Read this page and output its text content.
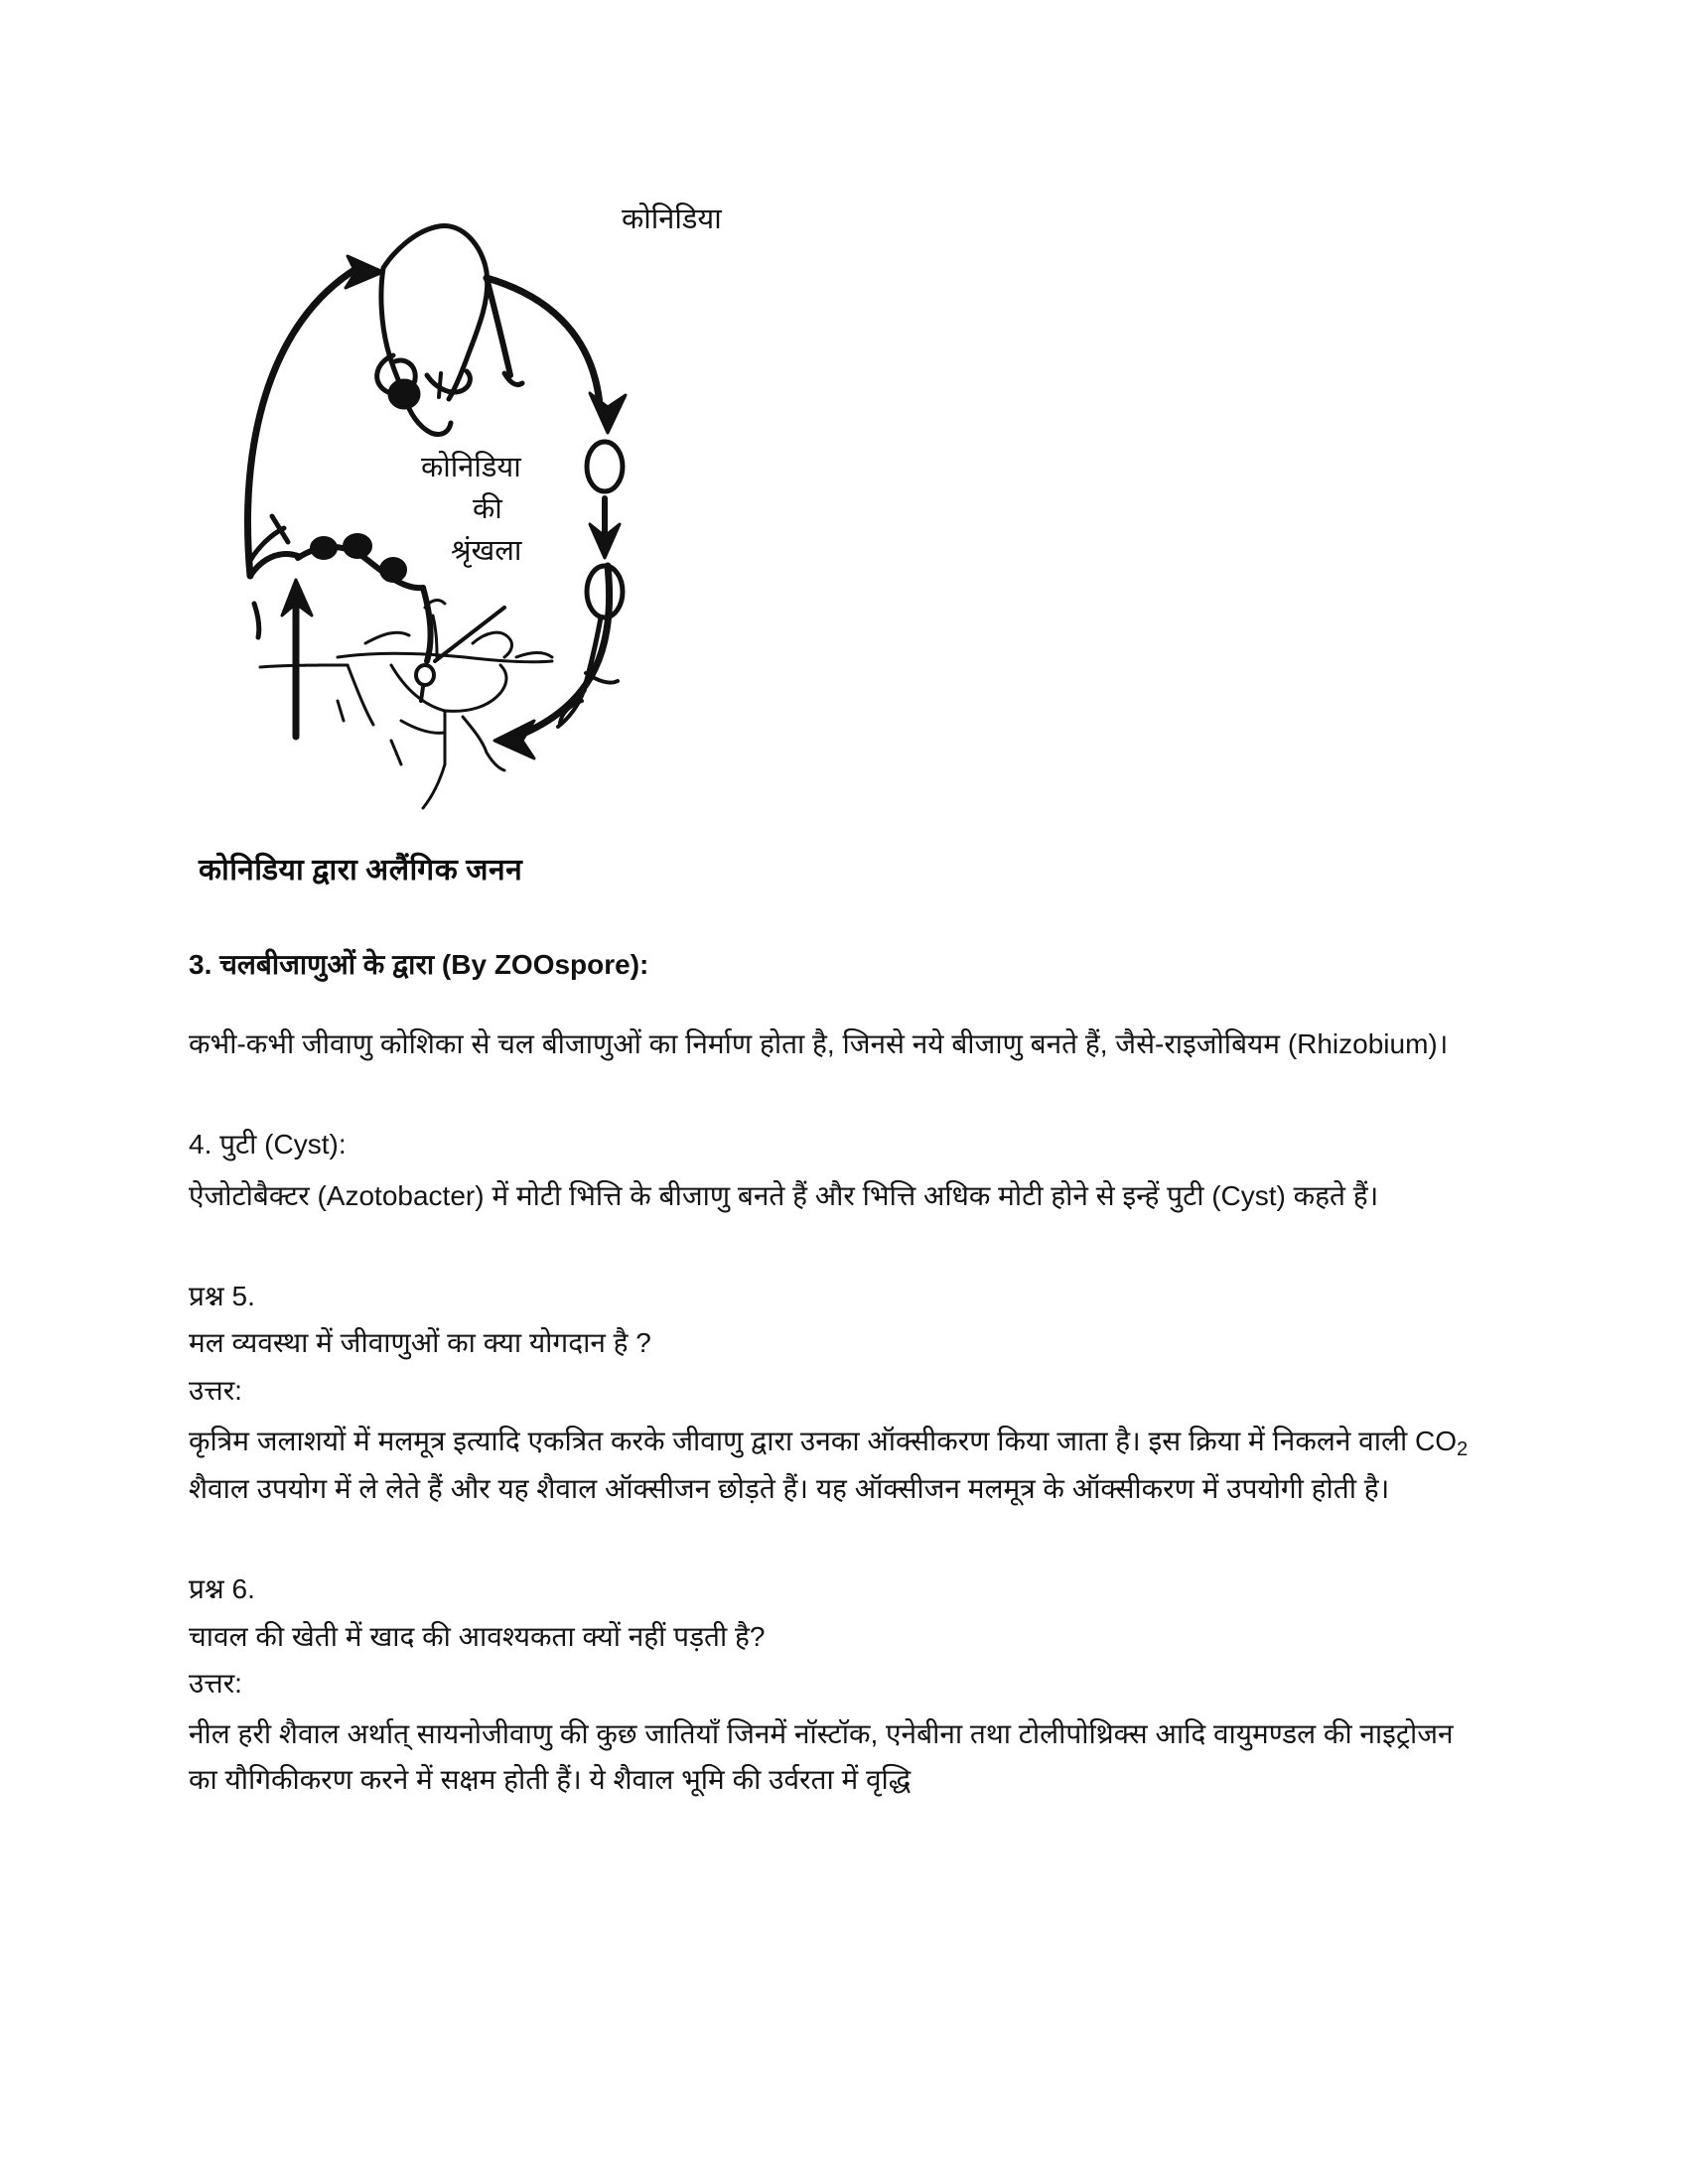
कोनिडिया
कोनिडिया
की
श्रृंखला
कोनिडिया द्वारा अलैंगिक जनन
3. चलबीजाणुओं के द्वारा (By ZOOspore):
कभी-कभी जीवाणु कोशिका से चल बीजाणुओं का निर्माण होता है, जिनसे नये बीजाणु बनते हैं, जैसे-राइजोबियम (Rhizobium)।
4. पुटी (Cyst):
ऐजोटोबैक्टर (Azotobacter) में मोटी भित्ति के बीजाणु बनते हैं और भित्ति अधिक मोटी होने से इन्हें पुटी (Cyst) कहते हैं।
प्रश्न 5.
मल व्यवस्था में जीवाणुओं का क्या योगदान है ?
उत्तर:
कृत्रिम जलाशयों में मलमूत्र इत्यादि एकत्रित करके जीवाणु द्वारा उनका ऑक्सीकरण किया जाता है। इस क्रिया में निकलने वाली $CO_2$ शैवाल उपयोग में ले लेते हैं और यह शैवाल ऑक्सीजन छोड़ते हैं। यह ऑक्सीजन मलमूत्र के ऑक्सीकरण में उपयोगी होती है।
प्रश्न 6.
चावल की खेती में खाद की आवश्यकता क्यों नहीं पड़ती है?
उत्तर:
नील हरी शैवाल अर्थात् सायनोजीवाणु की कुछ जातियाँ जिनमें नॉस्टॉक, एनेबीना तथा टोलीपोथ्रिक्स आदि वायुमण्डल की नाइट्रोजन का यौगिकीकरण करने में सक्षम होती हैं। ये शैवाल भूमि की उर्वरता में वृद्धि
